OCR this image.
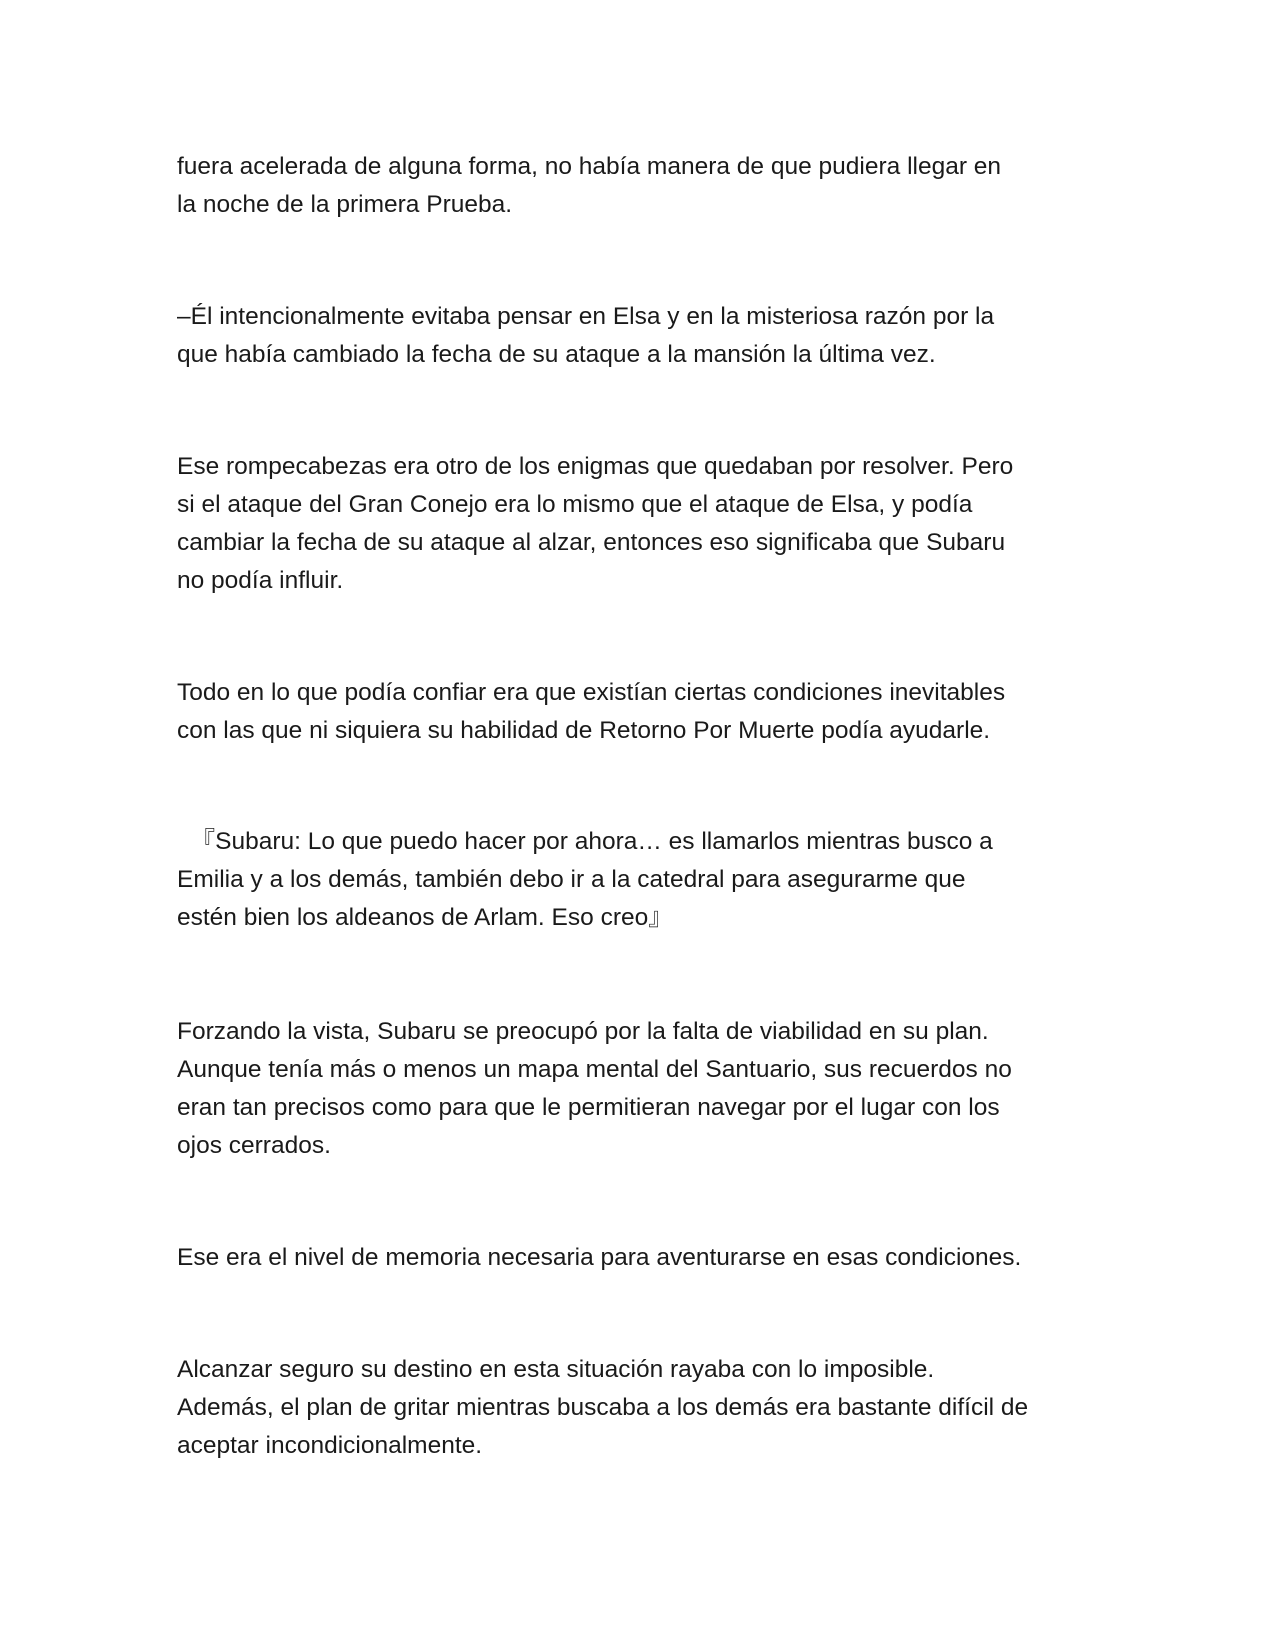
fuera acelerada de alguna forma, no había manera de que pudiera llegar en
la noche de la primera Prueba.

–Él intencionalmente evitaba pensar en Elsa y en la misteriosa razón por la
que había cambiado la fecha de su ataque a la mansión la última vez.

Ese rompecabezas era otro de los enigmas que quedaban por resolver. Pero
si el ataque del Gran Conejo era lo mismo que el ataque de Elsa, y podía
cambiar la fecha de su ataque al alzar, entonces eso significaba que Subaru
no podía influir.

Todo en lo que podía confiar era que existían ciertas condiciones inevitables
con las que ni siquiera su habilidad de Retorno Por Muerte podía ayudarle.

『Subaru: Lo que puedo hacer por ahora… es llamarlos mientras busco a
Emilia y a los demás, también debo ir a la catedral para asegurarme que
estén bien los aldeanos de Arlam. Eso creo』

Forzando la vista, Subaru se preocupó por la falta de viabilidad en su plan.
Aunque tenía más o menos un mapa mental del Santuario, sus recuerdos no
eran tan precisos como para que le permitieran navegar por el lugar con los
ojos cerrados.

Ese era el nivel de memoria necesaria para aventurarse en esas condiciones.

Alcanzar seguro su destino en esta situación rayaba con lo imposible.
Además, el plan de gritar mientras buscaba a los demás era bastante difícil de
aceptar incondicionalmente.
